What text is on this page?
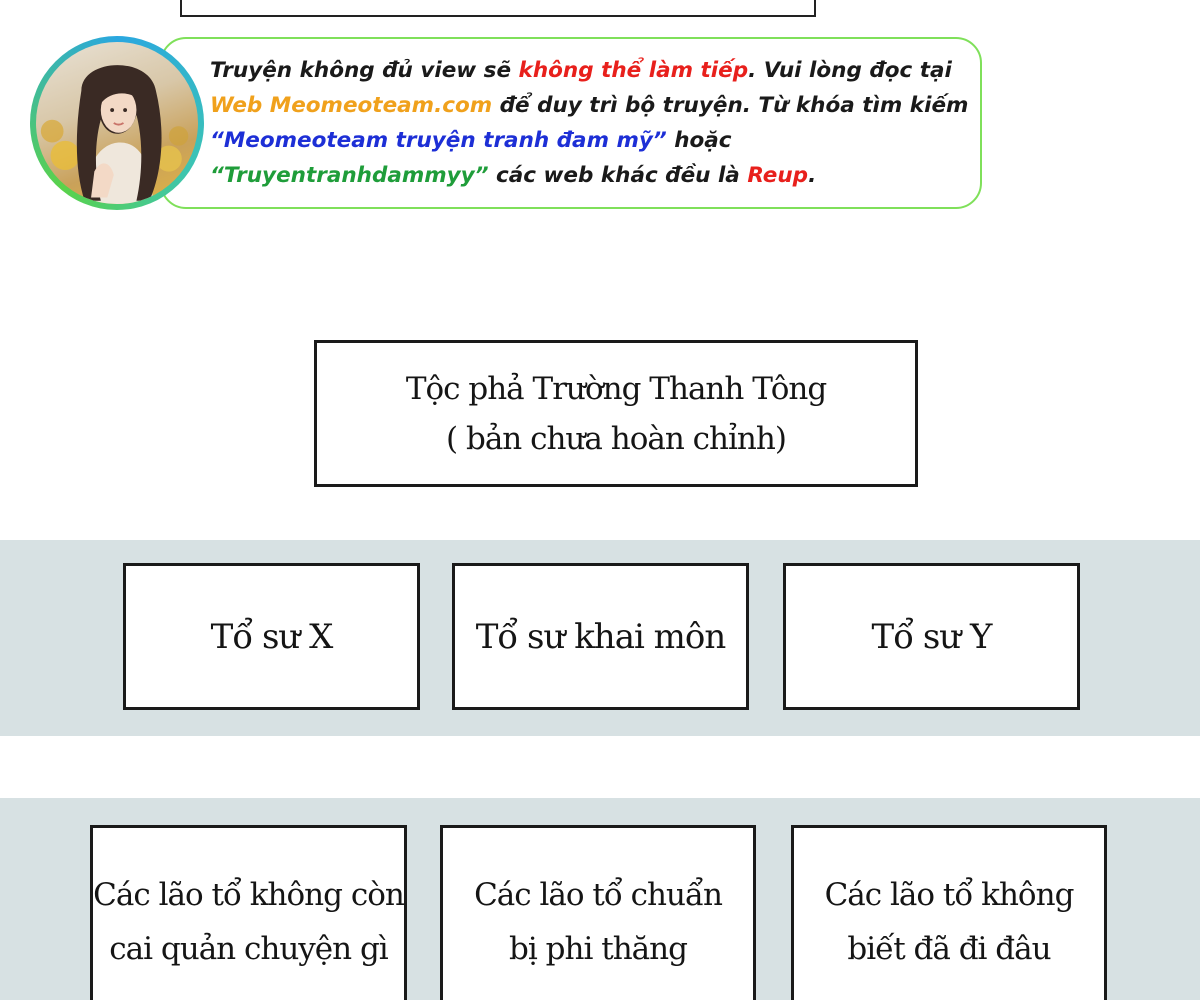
Truyện không đủ view sẽ không thể làm tiếp. Vui lòng đọc tại
Web Meomeoteam.com để duy trì bộ truyện. Từ khóa tìm kiếm
“Meomeoteam truyện tranh đam mỹ” hoặc
“Truyentranhdammyy” các web khác đều là Reup.
Tộc phả Trường Thanh Tông
( bản chưa hoàn chỉnh)
Tổ sư X	Tổ sư khai môn	Tổ sư Y
Các lão tổ không còn
cai quản chuyện gì
Các lão tổ chuẩn
bị phi thăng
Các lão tổ không
biết đã đi đâu
